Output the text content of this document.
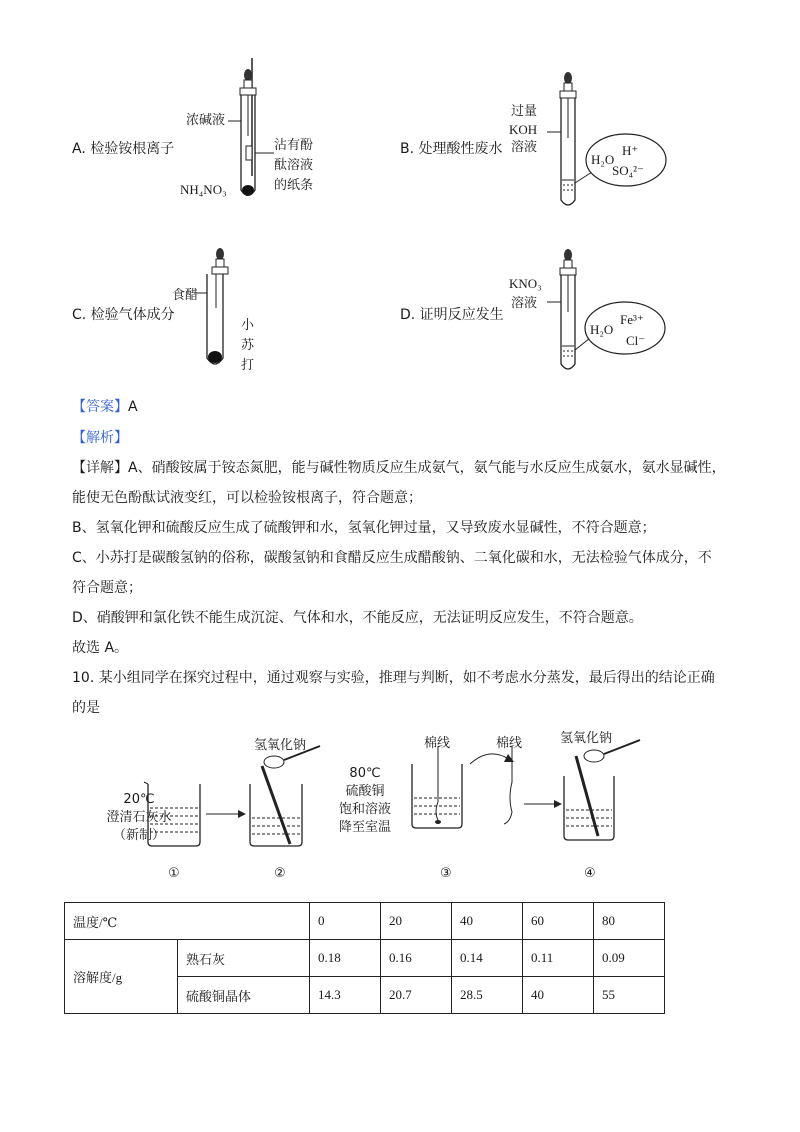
A. 检验铵根离子
浓碱液
沾有酚
酞溶液
的纸条
NH₄NO₃
B. 处理酸性废水
过量
KOH
溶液
H₂O
H⁺
SO₄²⁻
C. 检验气体成分
食醋
小
苏
打
D. 证明反应发生
KNO₃
溶液
H₂O
Fe³⁺
Cl⁻
【答案】A
【解析】
【详解】A、硝酸铵属于铵态氮肥，能与碱性物质反应生成氨气，氨气能与水反应生成氨水，氨水显碱性，
能使无色酚酞试液变红，可以检验铵根离子，符合题意；
B、氢氧化钾和硫酸反应生成了硫酸钾和水，氢氧化钾过量，又导致废水显碱性，不符合题意；
C、小苏打是碳酸氢钠的俗称，碳酸氢钠和食醋反应生成醋酸钠、二氧化碳和水，无法检验气体成分，不
符合题意；
D、硝酸钾和氯化铁不能生成沉淀、气体和水，不能反应，无法证明反应发生，不符合题意。
故选 A。
10. 某小组同学在探究过程中，通过观察与实验，推理与判断，如不考虑水分蒸发，最后得出的结论正确
的是
20℃
澄清石灰水
（新制）
氢氧化钠
80℃
硫酸铜
饱和溶液
降至室温
棉线	棉线	氢氧化钠
①	②	③	④
温度/℃		0	20	40	60	80
溶解度/g	熟石灰	0.18	0.16	0.14	0.11	0.09
	硫酸铜晶体	14.3	20.7	28.5	40	55
